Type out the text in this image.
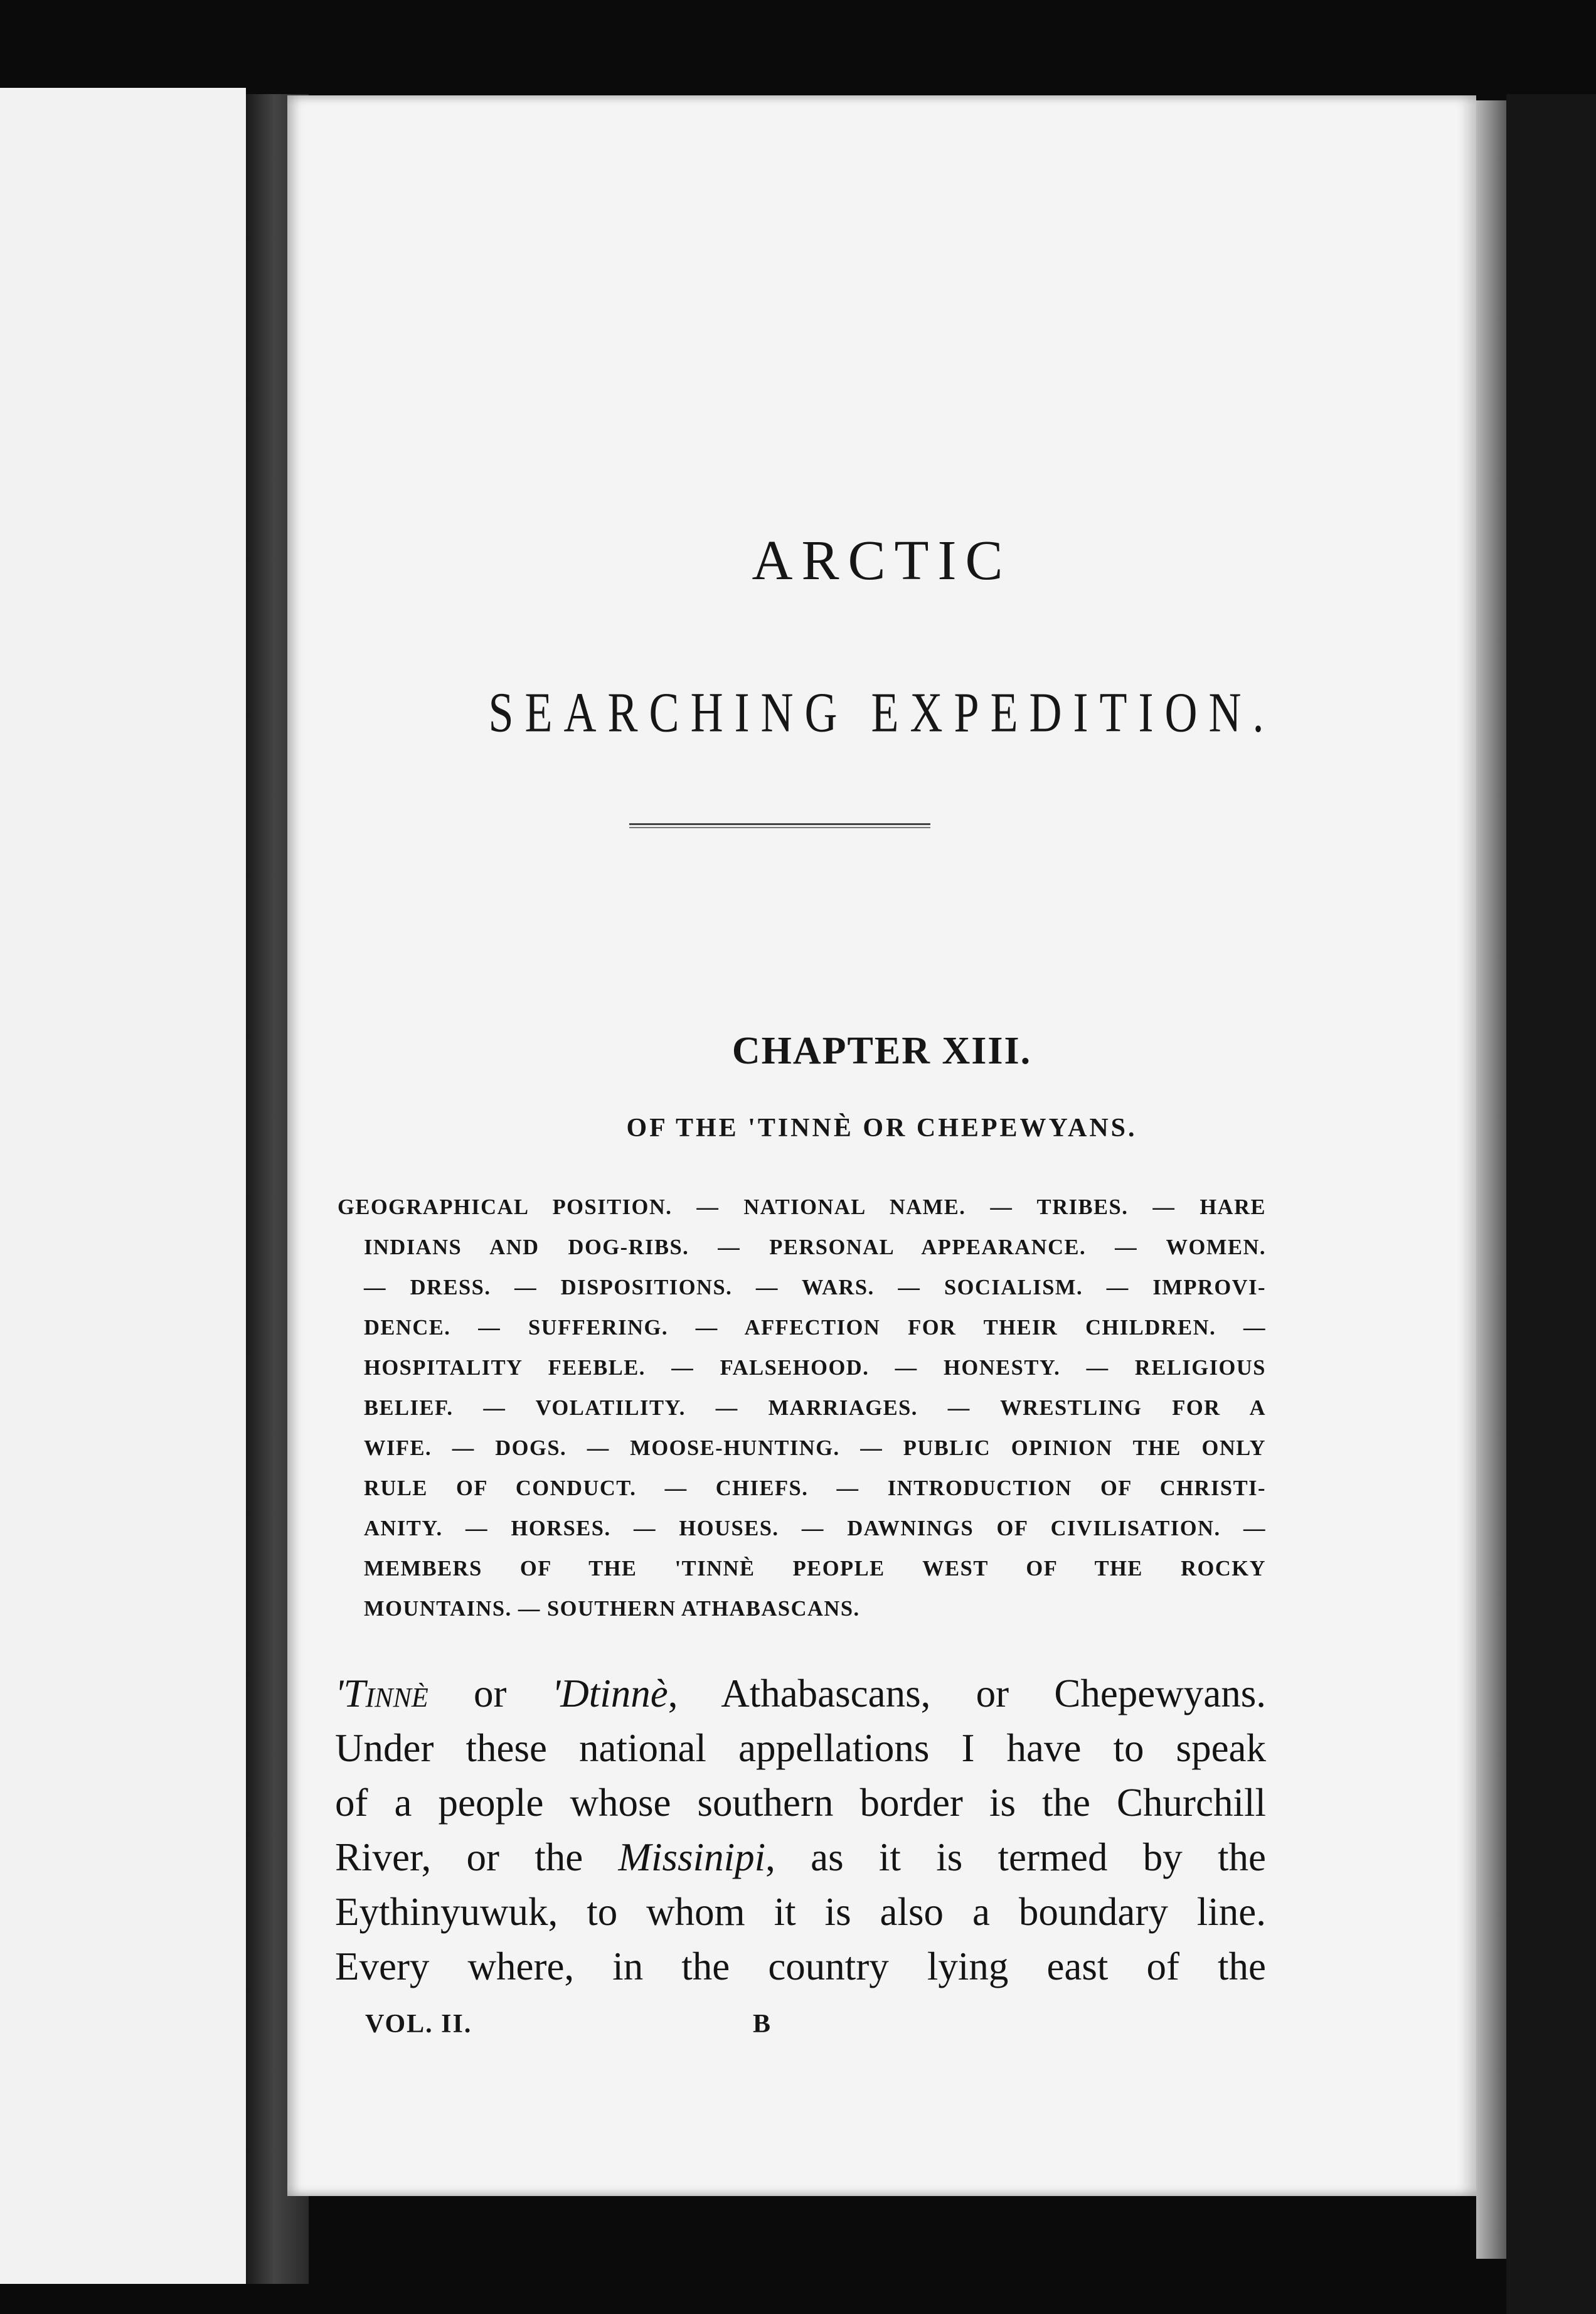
ARCTIC
SEARCHING EXPEDITION.
CHAPTER XIII.
OF THE 'TINNÈ OR CHEPEWYANS.
GEOGRAPHICAL POSITION. — NATIONAL NAME. — TRIBES. — HARE
INDIANS AND DOG-RIBS. — PERSONAL APPEARANCE. — WOMEN.
— DRESS. — DISPOSITIONS. — WARS. — SOCIALISM. — IMPROVI-
DENCE. — SUFFERING. — AFFECTION FOR THEIR CHILDREN. —
HOSPITALITY FEEBLE. — FALSEHOOD. — HONESTY. — RELIGIOUS
BELIEF. — VOLATILITY. — MARRIAGES. — WRESTLING FOR A
WIFE. — DOGS. — MOOSE-HUNTING. — PUBLIC OPINION THE ONLY
RULE OF CONDUCT. — CHIEFS. — INTRODUCTION OF CHRISTI-
ANITY. — HORSES. — HOUSES. — DAWNINGS OF CIVILISATION. —
MEMBERS OF THE 'TINNÈ PEOPLE WEST OF THE ROCKY
MOUNTAINS. — SOUTHERN ATHABASCANS.
'Tinnè or 'Dtinnè, Athabascans, or Chepewyans.
Under these national appellations I have to speak
of a people whose southern border is the Churchill
River, or the Missinipi, as it is termed by the
Eythinyuwuk, to whom it is also a boundary line.
Every where, in the country lying east of the
VOL. II.	B
